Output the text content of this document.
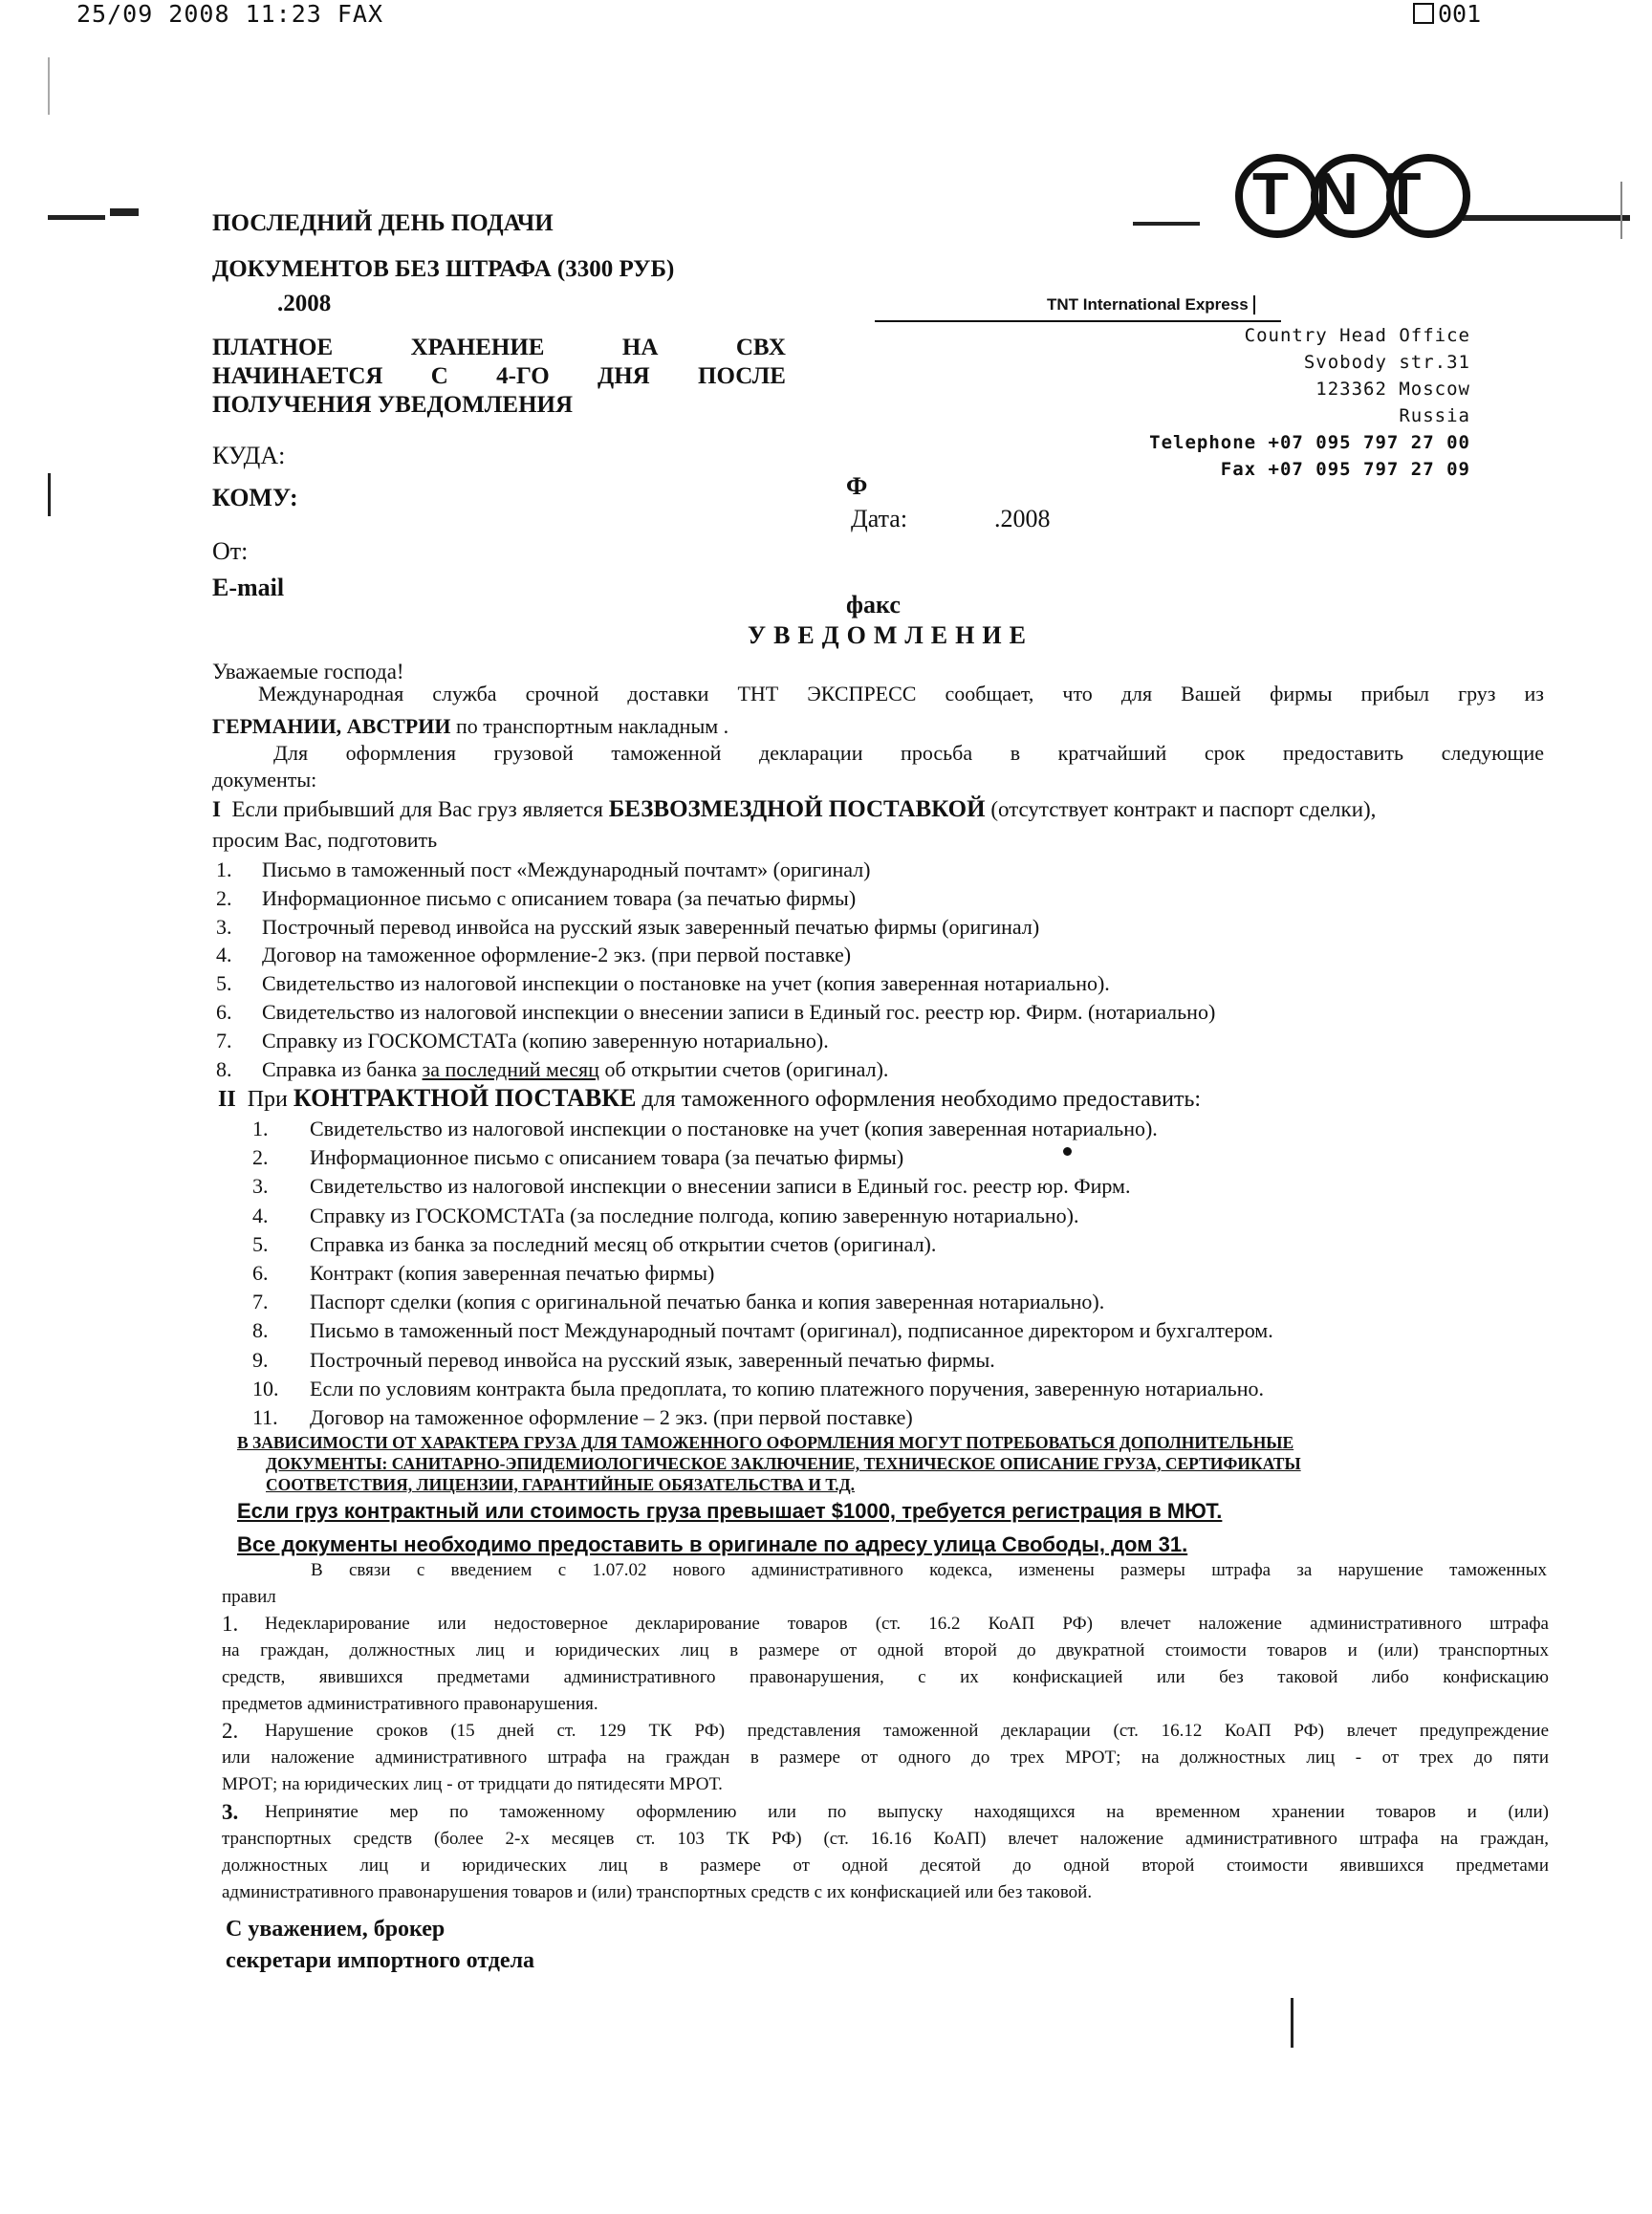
25/09 2008 11:23 FAX	001
TNT
ПОСЛЕДНИЙ ДЕНЬ ПОДАЧИ
ДОКУМЕНТОВ БЕЗ ШТРАФА (3300 РУБ)
.2008
ПЛАТНОЕ	ХРАНЕНИЕ	НА	СВХ
НАЧИНАЕТСЯ С 4-ГО ДНЯ ПОСЛЕ
ПОЛУЧЕНИЯ УВЕДОМЛЕНИЯ
TNT International Express
Country Head Office
Svobody str.31
123362 Moscow
Russia
Telephone +07 095 797 27 00
Fax +07 095 797 27 09
КУДА:
КОМУ:
От:
E-mail
Ф
Дата:	.2008
факс
УВЕДОМЛЕНИЕ
Уважаемые господа!
Международная служба срочной доставки ТНТ ЭКСПРЕСС сообщает, что для Вашей фирмы прибыл груз из
ГЕРМАНИИ, АВСТРИИ по транспортным накладным .
Для оформления грузовой таможенной декларации просьба в кратчайший срок предоставить следующие
документы:
I Если прибывший для Вас груз является БЕЗВОЗМЕЗДНОЙ ПОСТАВКОЙ (отсутствует контракт и паспорт сделки),
просим Вас, подготовить
1. Письмо в таможенный пост «Международный почтамт» (оригинал)
2. Информационное письмо с описанием товара (за печатью фирмы)
3. Построчный перевод инвойса на русский язык заверенный печатью фирмы (оригинал)
4. Договор на таможенное оформление-2 экз. (при первой поставке)
5. Свидетельство из налоговой инспекции о постановке на учет (копия заверенная нотариально).
6. Свидетельство из налоговой инспекции о внесении записи в Единый гос. реестр юр. Фирм. (нотариально)
7. Справку из ГОСКОМСТАТа (копию заверенную нотариально).
8. Справка из банка за последний месяц об открытии счетов (оригинал).
II При КОНТРАКТНОЙ ПОСТАВКЕ для таможенного оформления необходимо предоставить:
1. Свидетельство из налоговой инспекции о постановке на учет (копия заверенная нотариально).
2. Информационное письмо с описанием товара (за печатью фирмы)
3. Свидетельство из налоговой инспекции о внесении записи в Единый гос. реестр юр. Фирм.
4. Справку из ГОСКОМСТАТа (за последние полгода, копию заверенную нотариально).
5. Справка из банка за последний месяц об открытии счетов (оригинал).
6. Контракт (копия заверенная печатью фирмы)
7. Паспорт сделки (копия с оригинальной печатью банка и копия заверенная нотариально).
8. Письмо в таможенный пост Международный почтамт (оригинал), подписанное директором и бухгалтером.
9. Построчный перевод инвойса на русский язык, заверенный печатью фирмы.
10. Если по условиям контракта была предоплата, то копию платежного поручения, заверенную нотариально.
11. Договор на таможенное оформление – 2 экз. (при первой поставке)
В ЗАВИСИМОСТИ ОТ ХАРАКТЕРА ГРУЗА ДЛЯ ТАМОЖЕННОГО ОФОРМЛЕНИЯ МОГУТ ПОТРЕБОВАТЬСЯ ДОПОЛНИТЕЛЬНЫЕ
ДОКУМЕНТЫ: САНИТАРНО-ЭПИДЕМИОЛОГИЧЕСКОЕ ЗАКЛЮЧЕНИЕ, ТЕХНИЧЕСКОЕ ОПИСАНИЕ ГРУЗА, СЕРТИФИКАТЫ
СООТВЕТСТВИЯ, ЛИЦЕНЗИИ, ГАРАНТИЙНЫЕ ОБЯЗАТЕЛЬСТВА И Т.Д.
Если груз контрактный или стоимость груза превышает $1000, требуется регистрация в МЮТ.
Все документы необходимо предоставить в оригинале по адресу улица Свободы, дом 31.
В связи с введением с 1.07.02 нового административного кодекса, изменены размеры штрафа за нарушение таможенных
правил
1. Недекларирование или недостоверное декларирование товаров (ст. 16.2 КоАП РФ) влечет наложение административного штрафа
на граждан, должностных лиц и юридических лиц в размере от одной второй до двукратной стоимости товаров и (или) транспортных
средств, явившихся предметами административного правонарушения, с их конфискацией или без таковой либо конфискацию
предметов административного правонарушения.
2. Нарушение сроков (15 дней ст. 129 ТК РФ) представления таможенной декларации (ст. 16.12 КоАП РФ) влечет предупреждение
или наложение административного штрафа на граждан в размере от одного до трех МРОТ; на должностных лиц - от трех до пяти
МРОТ; на юридических лиц - от тридцати до пятидесяти МРОТ.
3. Непринятие мер по таможенному оформлению или по выпуску находящихся на временном хранении товаров и (или)
транспортных средств (более 2-х месяцев ст. 103 ТК РФ) (ст. 16.16 КоАП) влечет наложение административного штрафа на граждан,
должностных лиц и юридических лиц в размере от одной десятой до одной второй стоимости явившихся предметами
административного правонарушения товаров и (или) транспортных средств с их конфискацией или без таковой.
С уважением, брокер
секретари импортного отдела
